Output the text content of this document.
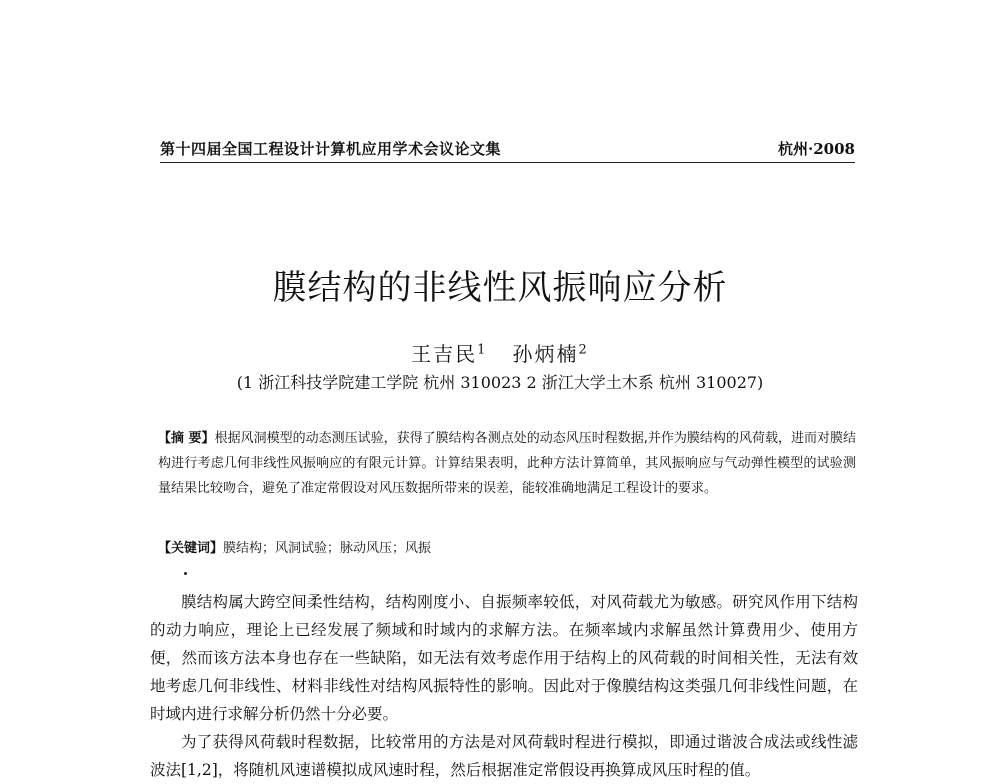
第十四届全国工程设计计算机应用学术会议论文集	杭州·2008
膜结构的非线性风振响应分析
王吉民$^1$ 孙炳楠$^2$
(1 浙江科技学院建工学院 杭州 310023 2 浙江大学土木系 杭州 310027)
【摘 要】根据风洞模型的动态测压试验，获得了膜结构各测点处的动态风压时程数据,并作为膜结构的风荷载，进而对膜结构进行考虑几何非线性风振响应的有限元计算。计算结果表明，此种方法计算简单，其风振响应与气动弹性模型的试验测量结果比较吻合，避免了准定常假设对风压数据所带来的误差，能较准确地满足工程设计的要求。
【关键词】膜结构；风洞试验；脉动风压；风振

膜结构属大跨空间柔性结构，结构刚度小、自振频率较低，对风荷载尤为敏感。研究风作用下结构的动力响应，理论上已经发展了频域和时域内的求解方法。在频率域内求解虽然计算费用少、使用方便，然而该方法本身也存在一些缺陷，如无法有效考虑作用于结构上的风荷载的时间相关性，无法有效地考虑几何非线性、材料非线性对结构风振特性的影响。因此对于像膜结构这类强几何非线性问题，在时域内进行求解分析仍然十分必要。

为了获得风荷载时程数据，比较常用的方法是对风荷载时程进行模拟，即通过谐波合成法或线性滤波法[1,2]，将随机风速谱模拟成风速时程，然后根据准定常假设再换算成风压时程的值。
